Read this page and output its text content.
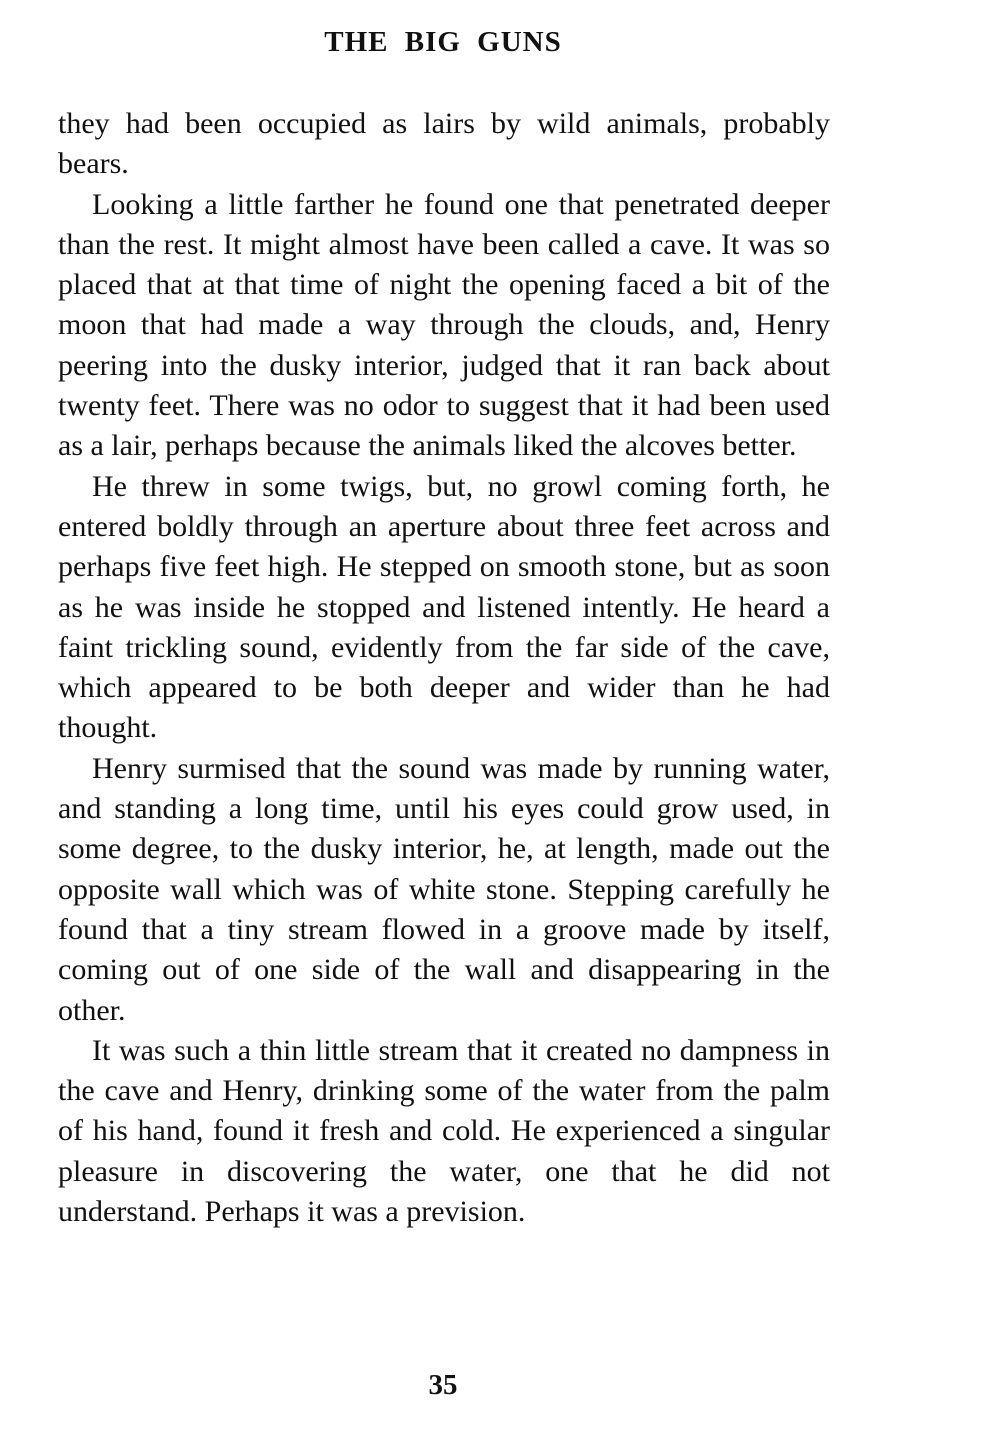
THE BIG GUNS

they had been occupied as lairs by wild animals, probably bears.

Looking a little farther he found one that penetrated deeper than the rest. It might almost have been called a cave. It was so placed that at that time of night the opening faced a bit of the moon that had made a way through the clouds, and, Henry peering into the dusky interior, judged that it ran back about twenty feet. There was no odor to suggest that it had been used as a lair, perhaps because the animals liked the alcoves better.

He threw in some twigs, but, no growl coming forth, he entered boldly through an aperture about three feet across and perhaps five feet high. He stepped on smooth stone, but as soon as he was inside he stopped and listened intently. He heard a faint trickling sound, evidently from the far side of the cave, which appeared to be both deeper and wider than he had thought.

Henry surmised that the sound was made by running water, and standing a long time, until his eyes could grow used, in some degree, to the dusky interior, he, at length, made out the opposite wall which was of white stone. Stepping carefully he found that a tiny stream flowed in a groove made by itself, coming out of one side of the wall and disappearing in the other.

It was such a thin little stream that it created no dampness in the cave and Henry, drinking some of the water from the palm of his hand, found it fresh and cold. He experienced a singular pleasure in discovering the water, one that he did not understand. Perhaps it was a prevision.

35
